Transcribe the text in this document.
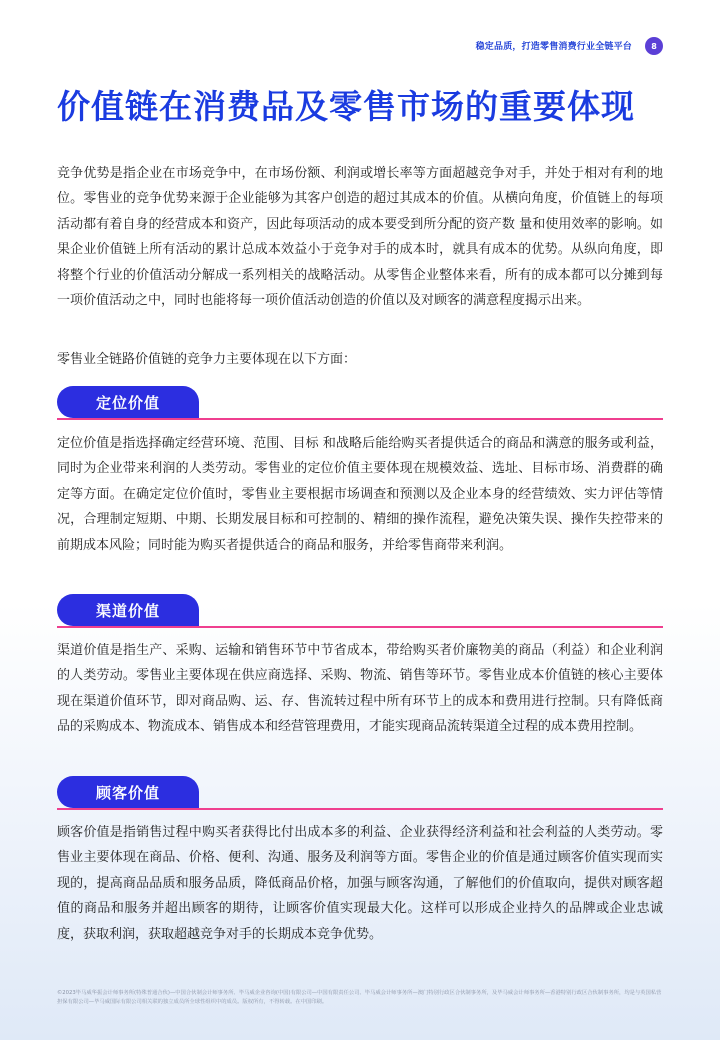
稳定品质，打造零售消费行业全链平台	8
价值链在消费品及零售市场的重要体现

竞争优势是指企业在市场竞争中，在市场份额、利润或增长率等方面超越竞争对手，并处于相对有利的地位。零售业的竞争优势来源于企业能够为其客户创造的超过其成本的价值。从横向角度，价值链上的每项活动都有着自身的经营成本和资产，因此每项活动的成本要受到所分配的资产数 量和使用效率的影响。如果企业价值链上所有活动的累计总成本效益小于竞争对手的成本时，就具有成本的优势。从纵向角度，即将整个行业的价值活动分解成一系列相关的战略活动。从零售企业整体来看，所有的成本都可以分摊到每一项价值活动之中，同时也能将每一项价值活动创造的价值以及对顾客的满意程度揭示出来。

零售业全链路价值链的竞争力主要体现在以下方面：

定位价值

定位价值是指选择确定经营环境、范围、目标 和战略后能给购买者提供适合的商品和满意的服务或利益，同时为企业带来利润的人类劳动。零售业的定位价值主要体现在规模效益、选址、目标市场、消费群的确定等方面。在确定定位价值时，零售业主要根据市场调查和预测以及企业本身的经营绩效、实力评估等情况，合理制定短期、中期、长期发展目标和可控制的、精细的操作流程，避免决策失误、操作失控带来的前期成本风险；同时能为购买者提供适合的商品和服务，并给零售商带来利润。

渠道价值

渠道价值是指生产、采购、运输和销售环节中节省成本，带给购买者价廉物美的商品（利益）和企业利润的人类劳动。零售业主要体现在供应商选择、采购、物流、销售等环节。零售业成本价值链的核心主要体现在渠道价值环节，即对商品购、运、存、售流转过程中所有环节上的成本和费用进行控制。只有降低商品的采购成本、物流成本、销售成本和经营管理费用，才能实现商品流转渠道全过程的成本费用控制。

顾客价值

顾客价值是指销售过程中购买者获得比付出成本多的利益、企业获得经济利益和社会利益的人类劳动。零售业主要体现在商品、价格、便利、沟通、服务及利润等方面。零售企业的价值是通过顾客价值实现而实现的，提高商品品质和服务品质，降低商品价格，加强与顾客沟通，了解他们的价值取向，提供对顾客超值的商品和服务并超出顾客的期待，让顾客价值实现最大化。这样可以形成企业持久的品牌或企业忠诚度，获取利润，获取超越竞争对手的长期成本竞争优势。

©2023毕马威华振会计师事务所(特殊普通合伙)—中国合伙制会计师事务所、毕马威企业咨询(中国)有限公司—中国有限责任公司、毕马威会计师事务所—澳门特别行政区合伙制事务所，及毕马威会计师事务所—香港特别行政区合伙制事务所，均是与英国私营担保有限公司—毕马威国际有限公司相关联的独立成员所全球性组织中的成员。版权所有，不得转载。在中国印刷。
